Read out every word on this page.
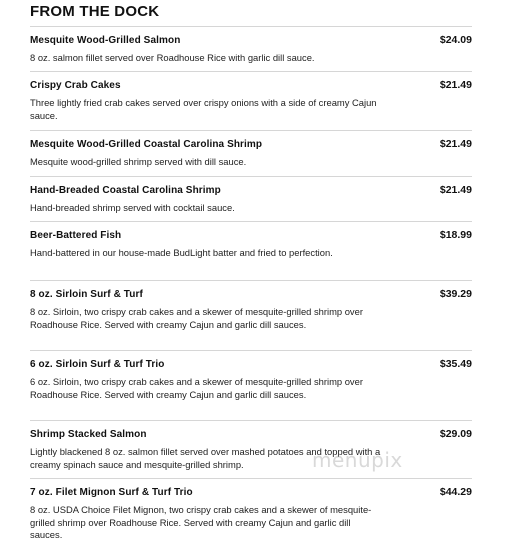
FROM THE DOCK
Mesquite Wood-Grilled Salmon	$24.09
8 oz. salmon fillet served over Roadhouse Rice with garlic dill sauce.
Crispy Crab Cakes	$21.49
Three lightly fried crab cakes served over crispy onions with a side of creamy Cajun sauce.
Mesquite Wood-Grilled Coastal Carolina Shrimp	$21.49
Mesquite wood-grilled shrimp served with dill sauce.
Hand-Breaded Coastal Carolina Shrimp	$21.49
Hand-breaded shrimp served with cocktail sauce.
Beer-Battered Fish	$18.99
Hand-battered in our house-made BudLight batter and fried to perfection.
8 oz. Sirloin Surf & Turf	$39.29
8 oz. Sirloin, two crispy crab cakes and a skewer of mesquite-grilled shrimp over Roadhouse Rice. Served with creamy Cajun and garlic dill sauces.
6 oz. Sirloin Surf & Turf Trio	$35.49
6 oz. Sirloin, two crispy crab cakes and a skewer of mesquite-grilled shrimp over Roadhouse Rice. Served with creamy Cajun and garlic dill sauces.
Shrimp Stacked Salmon	$29.09
Lightly blackened 8 oz. salmon fillet served over mashed potatoes and topped with a creamy spinach sauce and mesquite-grilled shrimp.
7 oz. Filet Mignon Surf & Turf Trio	$44.29
8 oz. USDA Choice Filet Mignon, two crispy crab cakes and a skewer of mesquite-grilled shrimp over Roadhouse Rice. Served with creamy Cajun and garlic dill sauces.
menupix
